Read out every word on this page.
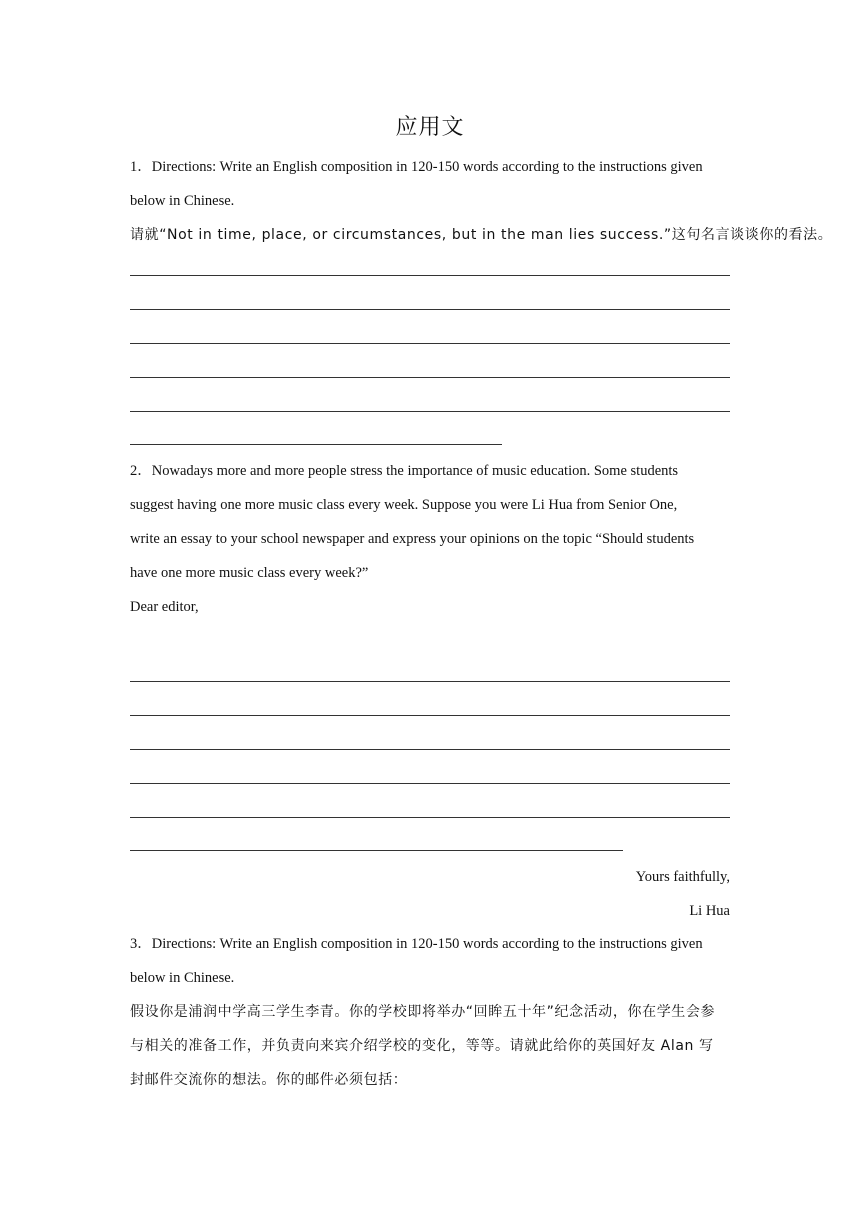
应用文
1．Directions: Write an English composition in 120-150 words according to the instructions given
below in Chinese.
请就“Not in time, place, or circumstances, but in the man lies success.”这句名言谈谈你的看法。
2．Nowadays more and more people stress the importance of music education. Some students
suggest having one more music class every week. Suppose you were Li Hua from Senior One,
write an essay to your school newspaper and express your opinions on the topic “Should students
have one more music class every week?”
Dear editor,
Yours faithfully,
Li Hua
3．Directions: Write an English composition in 120-150 words according to the instructions given
below in Chinese.
假设你是浦润中学高三学生李青。你的学校即将举办“回眸五十年”纪念活动，你在学生会参
与相关的准备工作，并负责向来宾介绍学校的变化，等等。请就此给你的英国好友 Alan 写
封邮件交流你的想法。你的邮件必须包括：
